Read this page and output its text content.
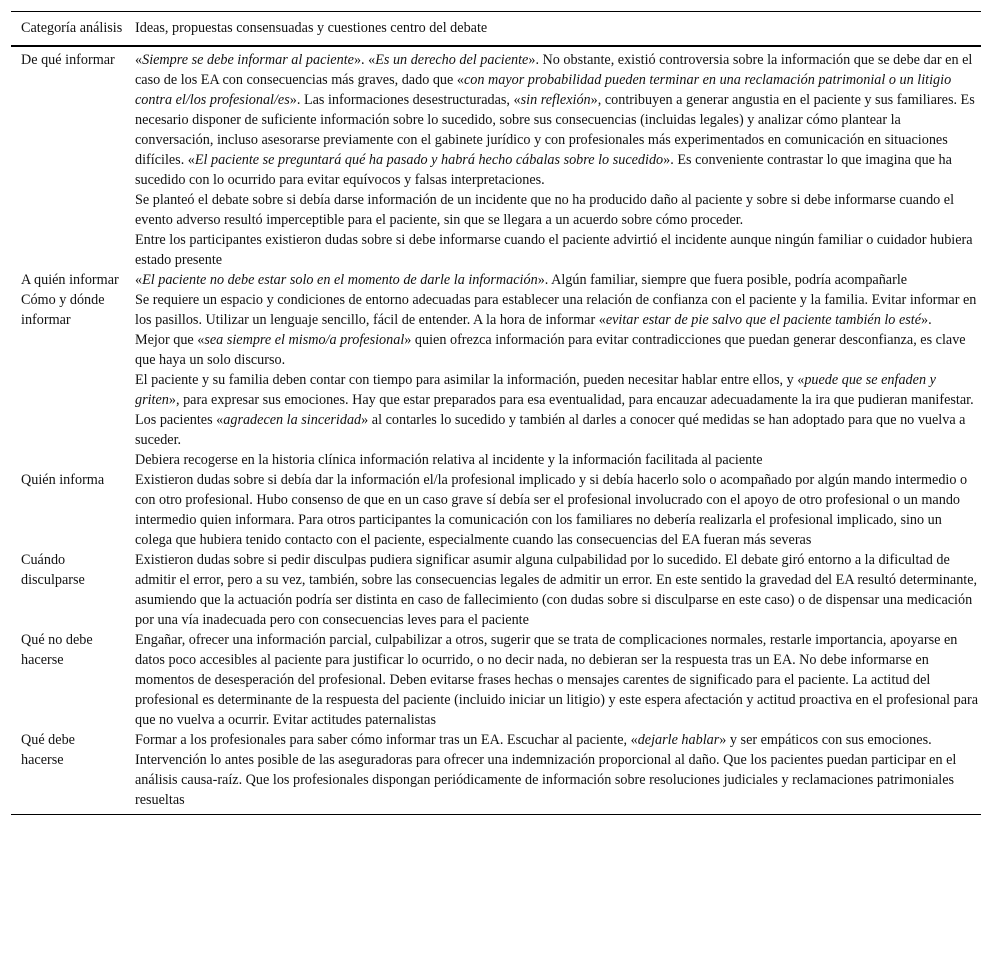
Categoría análisis	Ideas, propuestas consensuadas y cuestiones centro del debate
De qué informar	«Siempre se debe informar al paciente». «Es un derecho del paciente». No obstante, existió controversia sobre la información que se debe dar en el caso de los EA con consecuencias más graves, dado que «con mayor probabilidad pueden terminar en una reclamación patrimonial o un litigio contra el/los profesional/es». Las informaciones desestructuradas, «sin reflexión», contribuyen a generar angustia en el paciente y sus familiares. Es necesario disponer de suficiente información sobre lo sucedido, sobre sus consecuencias (incluidas legales) y analizar cómo plantear la conversación, incluso asesorarse previamente con el gabinete jurídico y con profesionales más experimentados en comunicación en situaciones difíciles. «El paciente se preguntará qué ha pasado y habrá hecho cábalas sobre lo sucedido». Es conveniente contrastar lo que imagina que ha sucedido con lo ocurrido para evitar equívocos y falsas interpretaciones.
Se planteó el debate sobre si debía darse información de un incidente que no ha producido daño al paciente y sobre si debe informarse cuando el evento adverso resultó imperceptible para el paciente, sin que se llegara a un acuerdo sobre cómo proceder.
Entre los participantes existieron dudas sobre si debe informarse cuando el paciente advirtió el incidente aunque ningún familiar o cuidador hubiera estado presente

A quién informar	«El paciente no debe estar solo en el momento de darle la información». Algún familiar, siempre que fuera posible, podría acompañarle

Cómo y dónde informar	Se requiere un espacio y condiciones de entorno adecuadas para establecer una relación de confianza con el paciente y la familia. Evitar informar en los pasillos. Utilizar un lenguaje sencillo, fácil de entender. A la hora de informar «evitar estar de pie salvo que el paciente también lo esté».
Mejor que «sea siempre el mismo/a profesional» quien ofrezca información para evitar contradicciones que puedan generar desconfianza, es clave que haya un solo discurso.
El paciente y su familia deben contar con tiempo para asimilar la información, pueden necesitar hablar entre ellos, y «puede que se enfaden y griten», para expresar sus emociones. Hay que estar preparados para esa eventualidad, para encauzar adecuadamente la ira que pudieran manifestar.
Los pacientes «agradecen la sinceridad» al contarles lo sucedido y también al darles a conocer qué medidas se han adoptado para que no vuelva a suceder.
Debiera recogerse en la historia clínica información relativa al incidente y la información facilitada al paciente

Quién informa	Existieron dudas sobre si debía dar la información el/la profesional implicado y si debía hacerlo solo o acompañado por algún mando intermedio o con otro profesional. Hubo consenso de que en un caso grave sí debía ser el profesional involucrado con el apoyo de otro profesional o un mando intermedio quien informara. Para otros participantes la comunicación con los familiares no debería realizarla el profesional implicado, sino un colega que hubiera tenido contacto con el paciente, especialmente cuando las consecuencias del EA fueran más severas

Cuándo disculparse	Existieron dudas sobre si pedir disculpas pudiera significar asumir alguna culpabilidad por lo sucedido. El debate giró entorno a la dificultad de admitir el error, pero a su vez, también, sobre las consecuencias legales de admitir un error. En este sentido la gravedad del EA resultó determinante, asumiendo que la actuación podría ser distinta en caso de fallecimiento (con dudas sobre si disculparse en este caso) o de dispensar una medicación por una vía inadecuada pero con consecuencias leves para el paciente

Qué no debe hacerse	Engañar, ofrecer una información parcial, culpabilizar a otros, sugerir que se trata de complicaciones normales, restarle importancia, apoyarse en datos poco accesibles al paciente para justificar lo ocurrido, o no decir nada, no debieran ser la respuesta tras un EA. No debe informarse en momentos de desesperación del profesional. Deben evitarse frases hechas o mensajes carentes de significado para el paciente. La actitud del profesional es determinante de la respuesta del paciente (incluido iniciar un litigio) y este espera afectación y actitud proactiva en el profesional para que no vuelva a ocurrir. Evitar actitudes paternalistas

Qué debe hacerse	Formar a los profesionales para saber cómo informar tras un EA. Escuchar al paciente, «dejarle hablar» y ser empáticos con sus emociones. Intervención lo antes posible de las aseguradoras para ofrecer una indemnización proporcional al daño. Que los pacientes puedan participar en el análisis causa-raíz. Que los profesionales dispongan periódicamente de información sobre resoluciones judiciales y reclamaciones patrimoniales resueltas
